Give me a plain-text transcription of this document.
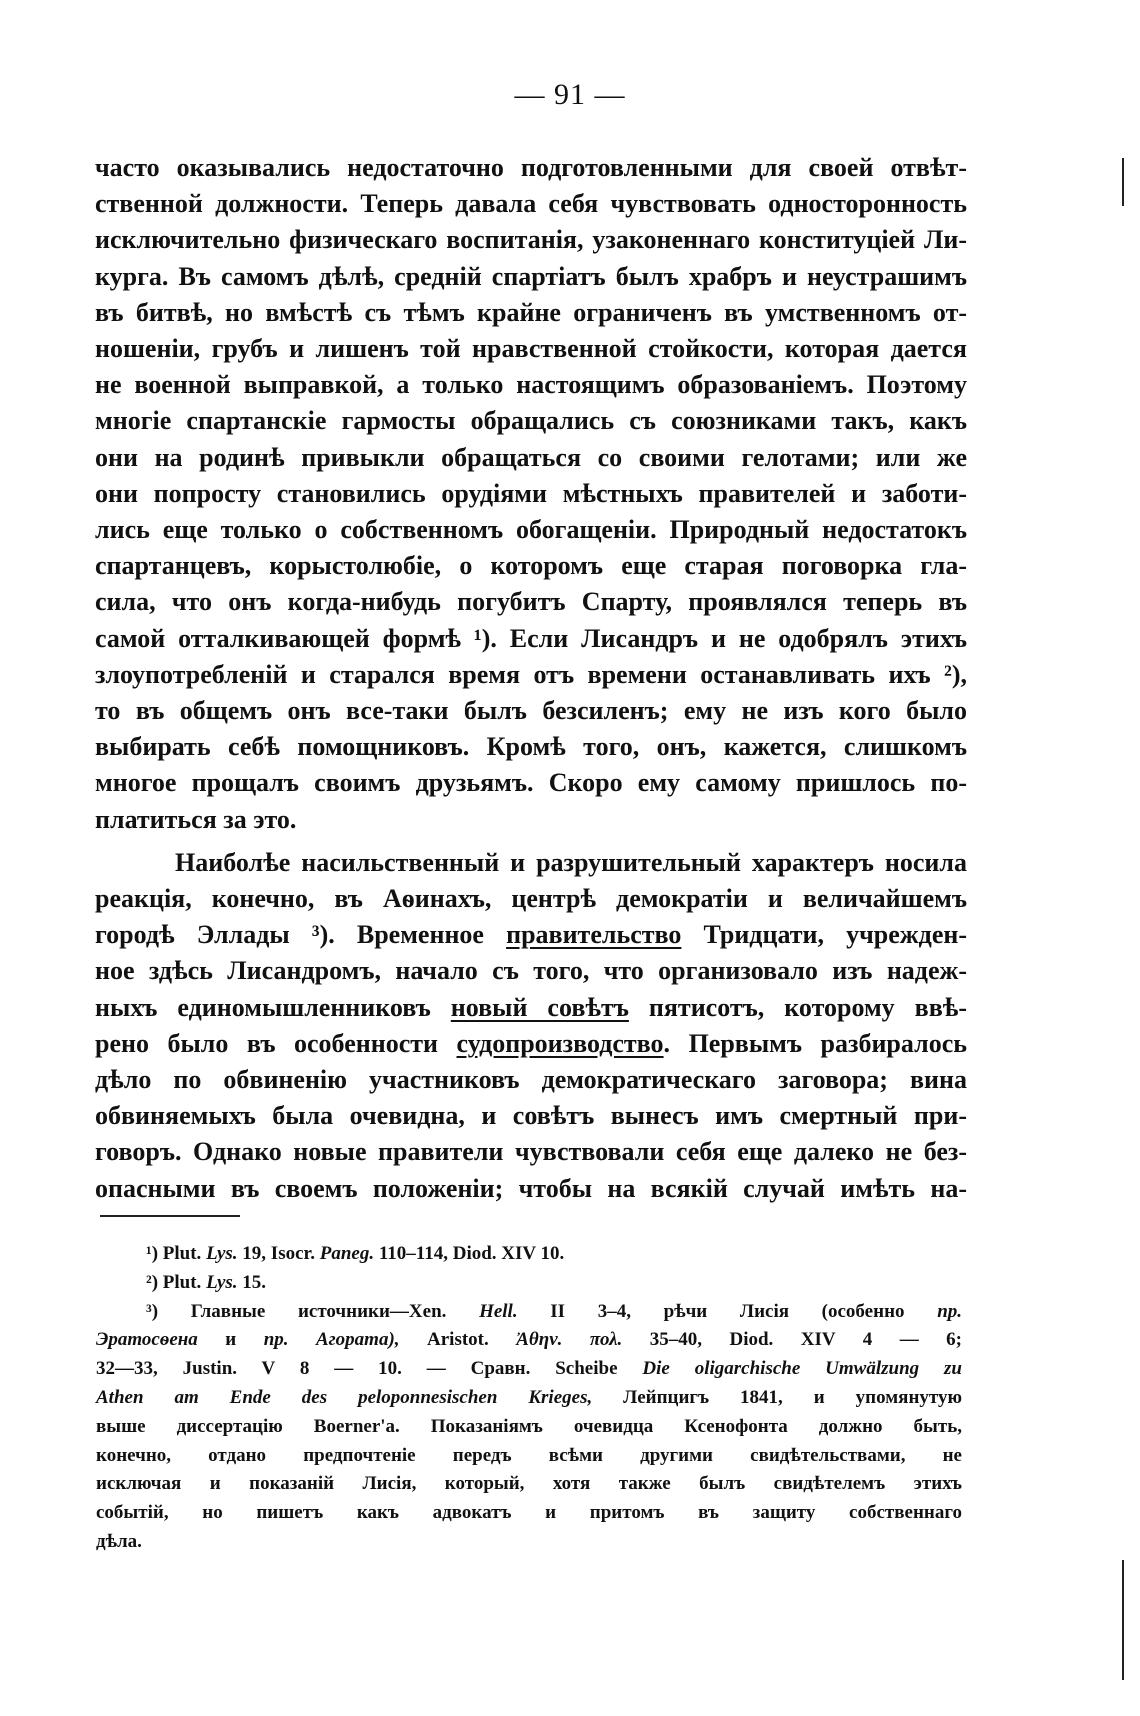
— 91 —
часто оказывались недостаточно подготовленными для своей отвѣт-
ственной должности. Теперь давала себя чувствовать односторонность
исключительно физическаго воспитанія, узаконеннаго конституціей Ли-
курга. Въ самомъ дѣлѣ, средній спартіатъ былъ храбръ и неустрашимъ
въ битвѣ, но вмѣстѣ съ тѣмъ крайне ограниченъ въ умственномъ от-
ношеніи, грубъ и лишенъ той нравственной стойкости, которая дается
не военной выправкой, а только настоящимъ образованіемъ. Поэтому
многіе спартанскіе гармосты обращались съ союзниками такъ, какъ
они на родинѣ привыкли обращаться со своими гелотами; или же
они попросту становились орудіями мѣстныхъ правителей и заботи-
лись еще только о собственномъ обогащеніи. Природный недостатокъ
спартанцевъ, корыстолюбіе, о которомъ еще старая поговорка гла-
сила, что онъ когда-нибудь погубитъ Спарту, проявлялся теперь въ
самой отталкивающей формѣ ¹). Если Лисандръ и не одобрялъ этихъ
злоупотребленій и старался время отъ времени останавливать ихъ ²),
то въ общемъ онъ все-таки былъ безсиленъ; ему не изъ кого было
выбирать себѣ помощниковъ. Кромѣ того, онъ, кажется, слишкомъ
многое прощалъ своимъ друзьямъ. Скоро ему самому пришлось по-
платиться за это.
Наиболѣе насильственный и разрушительный характеръ носила
реакція, конечно, въ Аѳинахъ, центрѣ демократіи и величайшемъ
городѣ Эллады ³). Временное правительство Тридцати, учрежден-
ное здѣсь Лисандромъ, начало съ того, что организовало изъ надеж-
ныхъ единомышленниковъ новый совѣтъ пятисотъ, которому ввѣ-
рено было въ особенности судопроизводство. Первымъ разбиралось
дѣло по обвиненію участниковъ демократическаго заговора; вина
обвиняемыхъ была очевидна, и совѣтъ вынесъ имъ смертный при-
говоръ. Однако новые правители чувствовали себя еще далеко не без-
опасными въ своемъ положеніи; чтобы на всякій случай имѣть на-
¹) Plut. Lys. 19, Isocr. Paneg. 110–114, Diod. XIV 10.
²) Plut. Lys. 15.
³) Главные источники—Xen. Hell. II 3–4, рѣчи Лисія (особенно пр.
Эратосѳена и пр. Агората), Aristot. Ἀθην. πολ. 35–40, Diod. XIV 4 — 6;
32—33, Justin. V 8 — 10. — Сравн. Scheibe Die oligarchische Umwälzung zu
Athen am Ende des peloponnesischen Krieges, Лейпцигъ 1841, и упомянутую
выше диссертацію Boerner'а. Показаніямъ очевидца Ксенофонта должно быть,
конечно, отдано предпочтеніе передъ всѣми другими свидѣтельствами, не
исключая и показаній Лисія, который, хотя также былъ свидѣтелемъ этихъ
событій, но пишетъ какъ адвокатъ и притомъ въ защиту собственнаго
дѣла.
